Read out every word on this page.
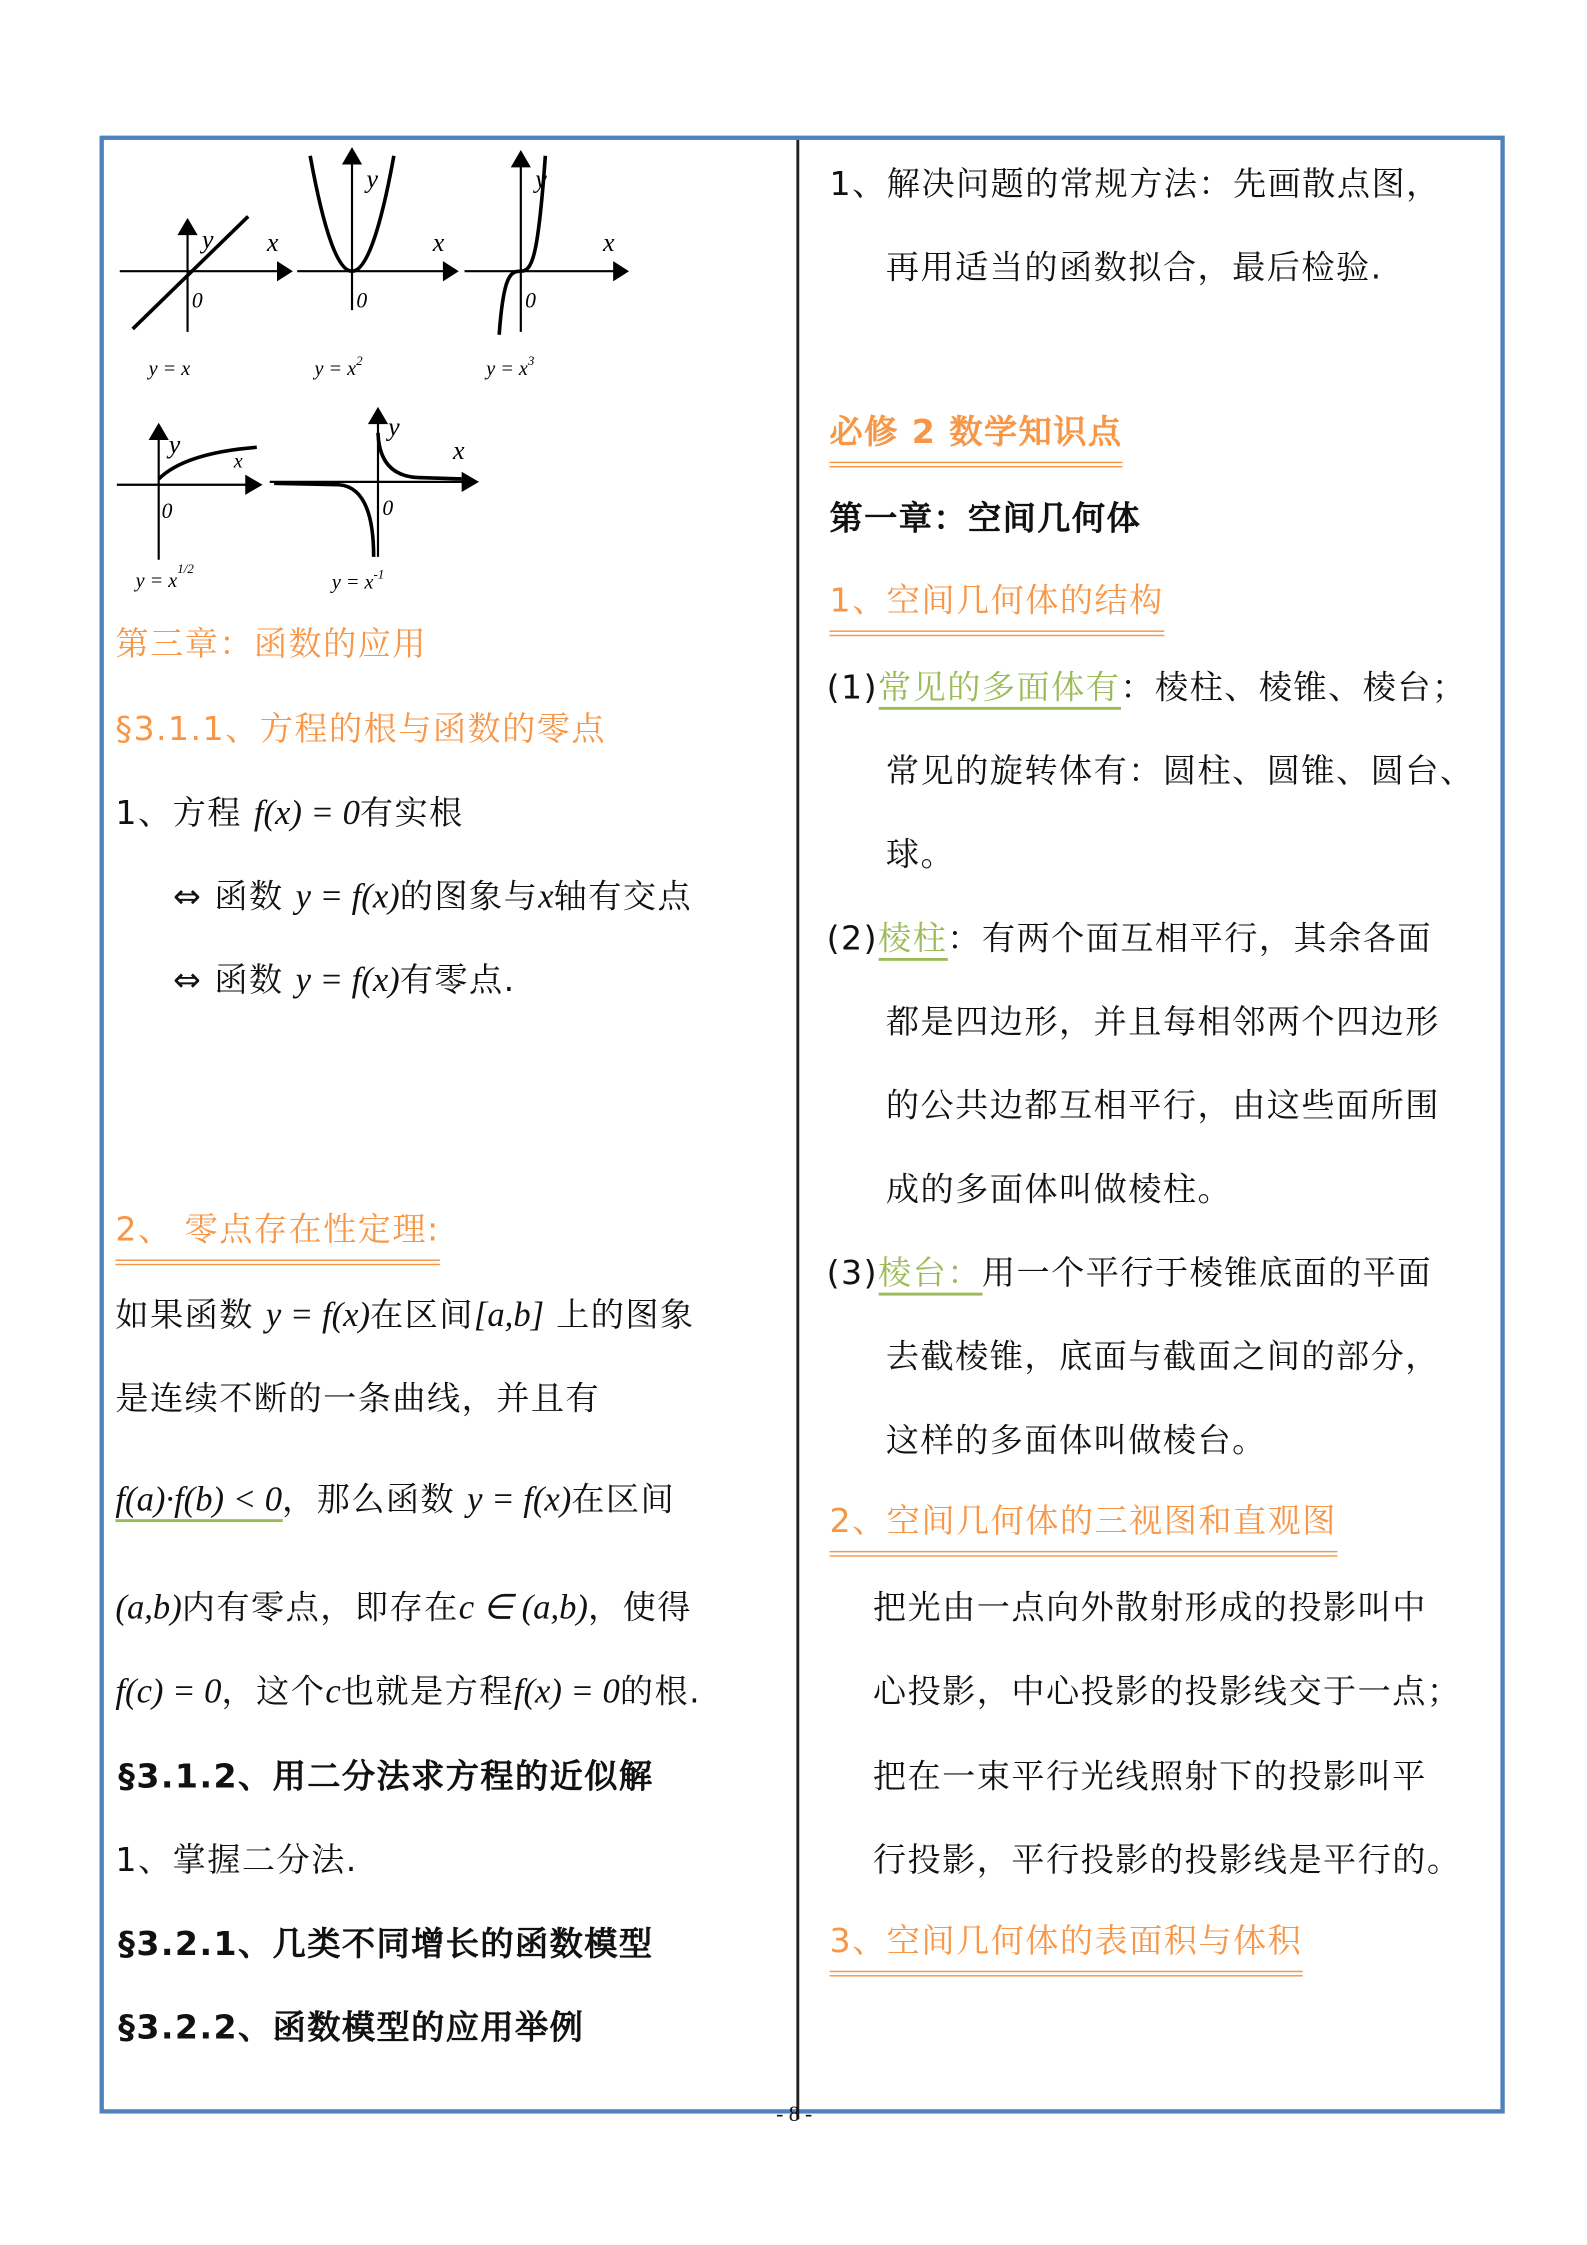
y	x
0
y
x
0
y
x
0
y
x
0
y
x
0
y = x	$y = x^2$	$y = x^3$
$y = x^{1/2}$
$y = x^{-1}$
第三章：函数的应用
§3.1.1、方程的根与函数的零点
1、方程 f(x) = 0有实根
⇔ 函数 y = f(x)的图象与x轴有交点
⇔ 函数 y = f(x)有零点.
2、 零点存在性定理:
如果函数 y = f(x)在区间[a,b] 上的图象
是连续不断的一条曲线，并且有
f(a)·f(b) < 0，那么函数 y = f(x)在区间
(a,b)内有零点，即存在c ∈ (a,b)，使得
f(c) = 0，这个c也就是方程f(x) = 0的根.
§3.1.2、用二分法求方程的近似解
1、掌握二分法.
§3.2.1、几类不同增长的函数模型
§3.2.2、函数模型的应用举例
1、解决问题的常规方法：先画散点图，
再用适当的函数拟合，最后检验.
必修 2 数学知识点
第一章：空间几何体
1、空间几何体的结构
(1)常见的多面体有：棱柱、棱锥、棱台；
常见的旋转体有：圆柱、圆锥、圆台、
球。
(2)棱柱：有两个面互相平行，其余各面
都是四边形，并且每相邻两个四边形
的公共边都互相平行，由这些面所围
成的多面体叫做棱柱。
(3)棱台：用一个平行于棱锥底面的平面
去截棱锥，底面与截面之间的部分，
这样的多面体叫做棱台。
2、空间几何体的三视图和直观图
把光由一点向外散射形成的投影叫中
心投影，中心投影的投影线交于一点；
把在一束平行光线照射下的投影叫平
行投影，平行投影的投影线是平行的。
3、空间几何体的表面积与体积
- 8 -
